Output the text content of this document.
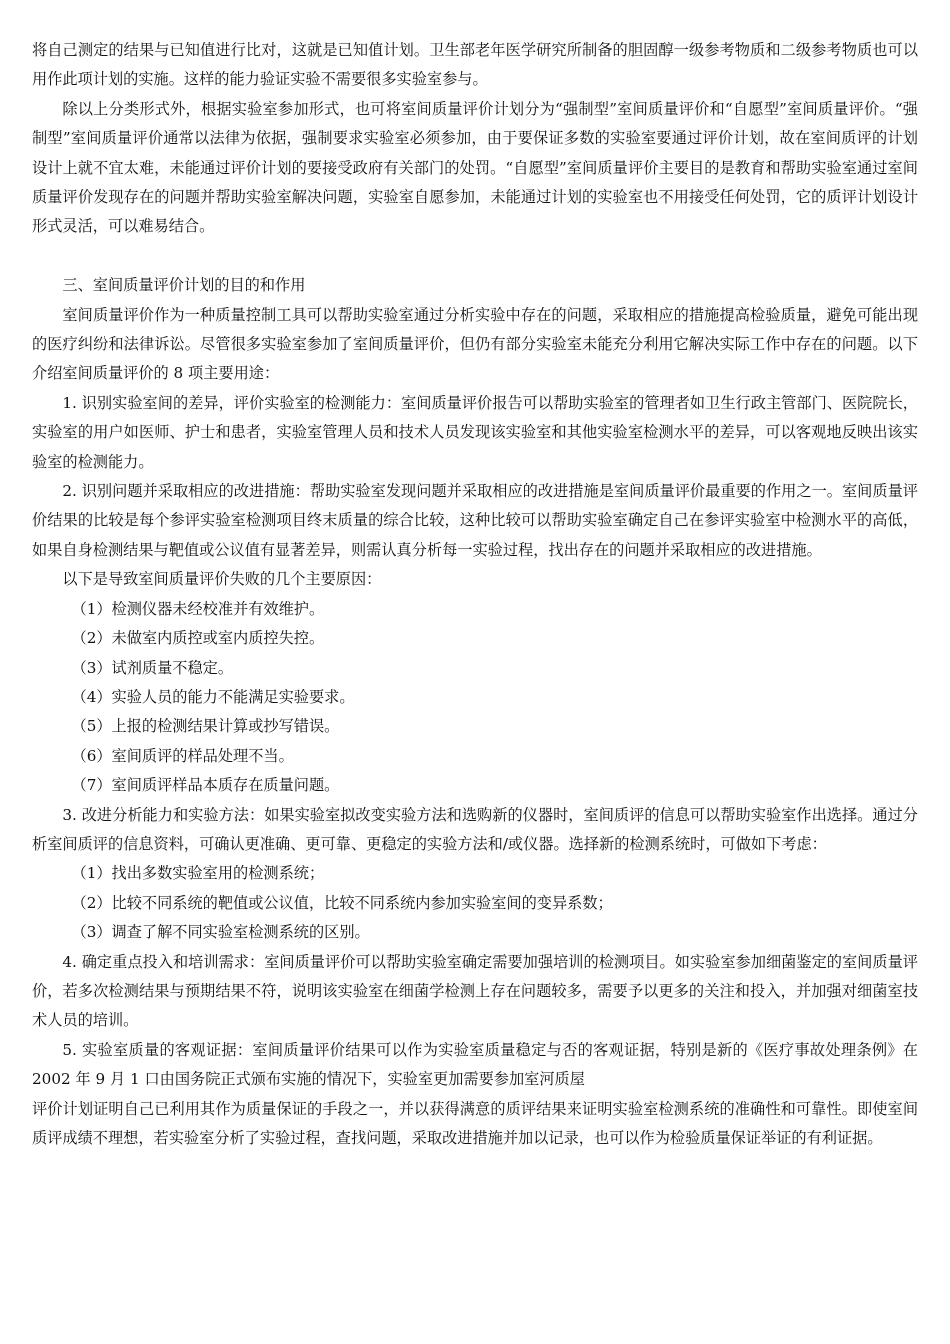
将自己测定的结果与已知值进行比对，这就是已知值计划。卫生部老年医学研究所制备的胆固醇一级参考物质和二级参考物质也可以用作此项计划的实施。这样的能力验证实验不需要很多实验室参与。

除以上分类形式外，根据实验室参加形式，也可将室间质量评价计划分为“强制型”室间质量评价和“自愿型”室间质量评价。“强制型”室间质量评价通常以法律为依据，强制要求实验室必须参加，由于要保证多数的实验室要通过评价计划，故在室间质评的计划设计上就不宜太难，未能通过评价计划的要接受政府有关部门的处罚。“自愿型”室间质量评价主要目的是教育和帮助实验室通过室间质量评价发现存在的问题并帮助实验室解决问题，实验室自愿参加，未能通过计划的实验室也不用接受任何处罚，它的质评计划设计形式灵活，可以难易结合。

三、室间质量评价计划的目的和作用

室间质量评价作为一种质量控制工具可以帮助实验室通过分析实验中存在的问题，采取相应的措施提高检验质量，避免可能出现的医疗纠纷和法律诉讼。尽管很多实验室参加了室间质量评价，但仍有部分实验室未能充分利用它解决实际工作中存在的问题。以下介绍室间质量评价的 8 项主要用途：

1. 识别实验室间的差异，评价实验室的检测能力：室间质量评价报告可以帮助实验室的管理者如卫生行政主管部门、医院院长，实验室的用户如医师、护士和患者，实验室管理人员和技术人员发现该实验室和其他实验室检测水平的差异，可以客观地反映出该实验室的检测能力。

2. 识别问题并采取相应的改进措施：帮助实验室发现问题并采取相应的改进措施是室间质量评价最重要的作用之一。室间质量评价结果的比较是每个参评实验室检测项目终末质量的综合比较，这种比较可以帮助实验室确定自己在参评实验室中检测水平的高低，如果自身检测结果与靶值或公议值有显著差异，则需认真分析每一实验过程，找出存在的问题并采取相应的改进措施。

以下是导致室间质量评价失败的几个主要原因：

（1）检测仪器未经校准并有效维护。

（2）未做室内质控或室内质控失控。

（3）试剂质量不稳定。

（4）实验人员的能力不能满足实验要求。

（5）上报的检测结果计算或抄写错误。

（6）室间质评的样品处理不当。

（7）室间质评样品本质存在质量问题。

3. 改进分析能力和实验方法：如果实验室拟改变实验方法和选购新的仪器时，室间质评的信息可以帮助实验室作出选择。通过分析室间质评的信息资料，可确认更准确、更可靠、更稳定的实验方法和/或仪器。选择新的检测系统时，可做如下考虑：

（1）找出多数实验室用的检测系统；

（2）比较不同系统的靶值或公议值，比较不同系统内参加实验室间的变异系数；

（3）调查了解不同实验室检测系统的区别。

4. 确定重点投入和培训需求：室间质量评价可以帮助实验室确定需要加强培训的检测项目。如实验室参加细菌鉴定的室间质量评价，若多次检测结果与预期结果不符，说明该实验室在细菌学检测上存在问题较多，需要予以更多的关注和投入，并加强对细菌室技术人员的培训。

5. 实验室质量的客观证据：室间质量评价结果可以作为实验室质量稳定与否的客观证据，特别是新的《医疗事故处理条例》在 2002 年 9 月 1 口由国务院正式颁布实施的情况下，实验室更加需要参加室河质屋

评价计划证明自己已利用其作为质量保证的手段之一，并以获得满意的质评结果来证明实验室检测系统的准确性和可靠性。即使室间质评成绩不理想，若实验室分析了实验过程，查找问题，采取改进措施并加以记录，也可以作为检验质量保证举证的有利证据。
